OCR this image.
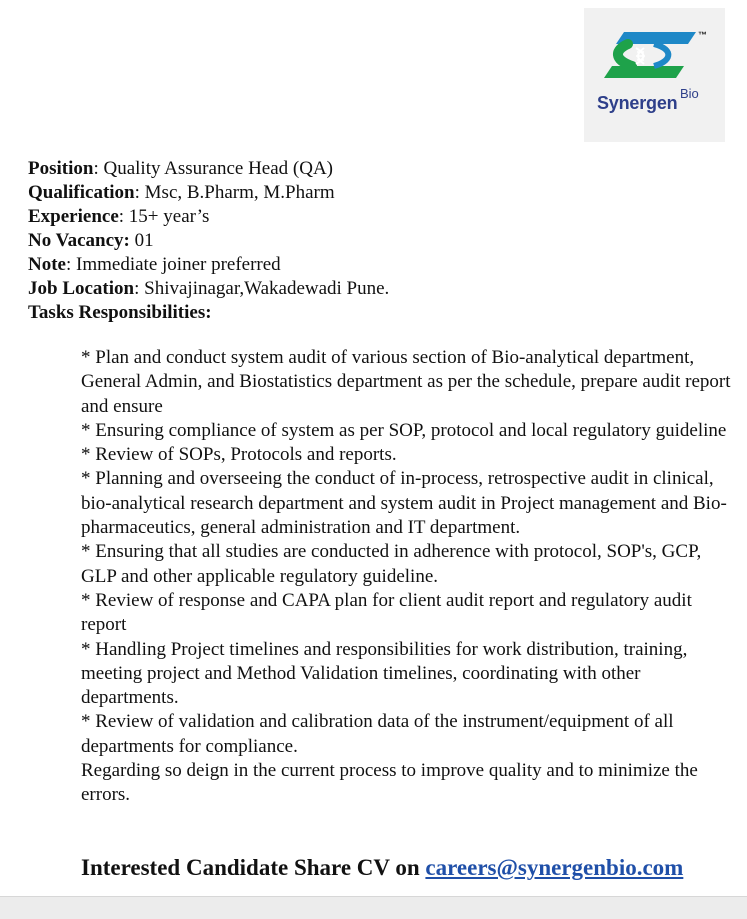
™
Synergen Bio
Position: Quality Assurance Head (QA)
Qualification: Msc, B.Pharm, M.Pharm
Experience: 15+ year’s
No Vacancy: 01
Note: Immediate joiner preferred
Job Location: Shivajinagar,Wakadewadi Pune.
Tasks Responsibilities:

* Plan and conduct system audit of various section of Bio-analytical department, General Admin, and Biostatistics department as per the schedule, prepare audit report and ensure

* Ensuring compliance of system as per SOP, protocol and local regulatory guideline

* Review of SOPs, Protocols and reports.

* Planning and overseeing the conduct of in-process, retrospective audit in clinical, bio-analytical research department and system audit in Project management and Bio-pharmaceutics, general administration and IT department.

* Ensuring that all studies are conducted in adherence with protocol, SOP's, GCP, GLP and other applicable regulatory guideline.

* Review of response and CAPA plan for client audit report and regulatory audit report

* Handling Project timelines and responsibilities for work distribution, training, meeting project and Method Validation timelines, coordinating with other departments.

* Review of validation and calibration data of the instrument/equipment of all departments for compliance.

Regarding so deign in the current process to improve quality and to minimize the errors.

Interested Candidate Share CV on careers@synergenbio.com
